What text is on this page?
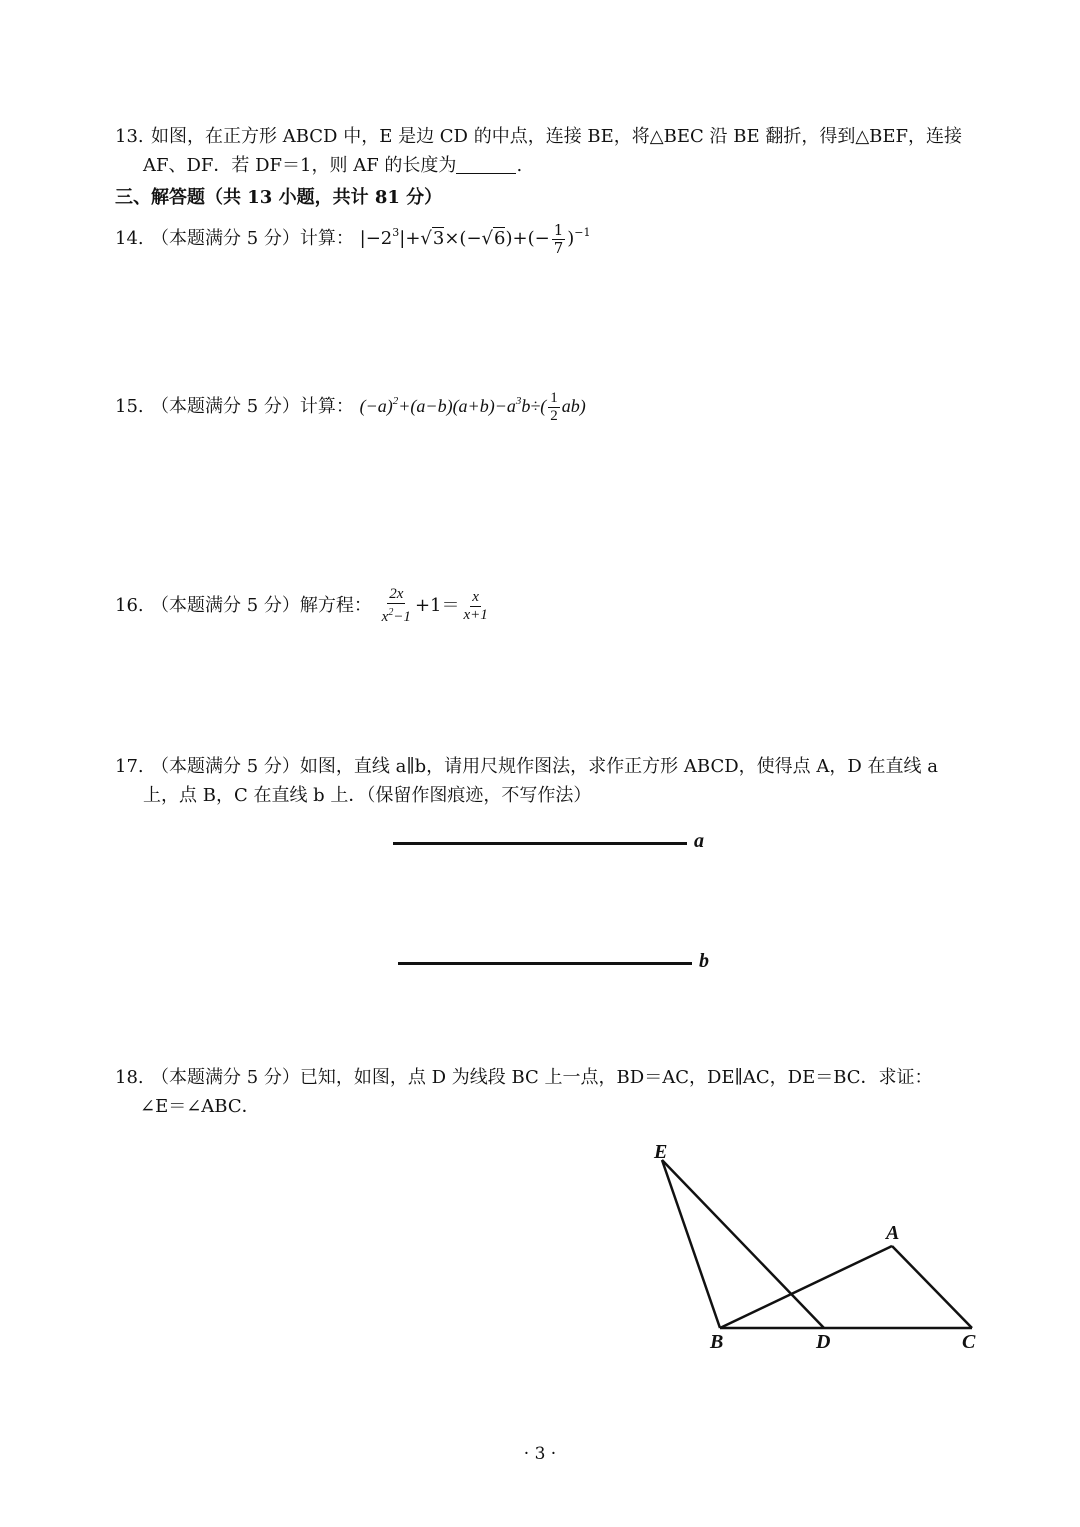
13. 如图，在正方形 ABCD 中，E 是边 CD 的中点，连接 BE，将△BEC 沿 BE 翻折，得到△BEF，连接
AF、DF．若 DF＝1，则 AF 的长度为	.
三、解答题（共 13 小题，共计 81 分）
14. （本题满分 5 分）计算： $|-2^3|+√3\times(-√6)+(- \frac{1}{7} )^{-1}$
15. （本题满分 5 分）计算： $(-a)^2+(a-b)(a+b)-a^3b\div( \frac{1}{2} ab)$
16. （本题满分 5 分）解方程： $\frac{2x}{x^2-1} +1= \frac{x}{x+1}$
17. （本题满分 5 分）如图，直线 a∥b，请用尺规作图法，求作正方形 ABCD，使得点 A，D 在直线 a
上，点 B，C 在直线 b 上．（保留作图痕迹，不写作法）
a
b
18. （本题满分 5 分）已知，如图，点 D 为线段 BC 上一点，BD＝AC，DE∥AC，DE＝BC．求证：
∠E＝∠ABC．
E
A
B	D	C
· 3 ·
